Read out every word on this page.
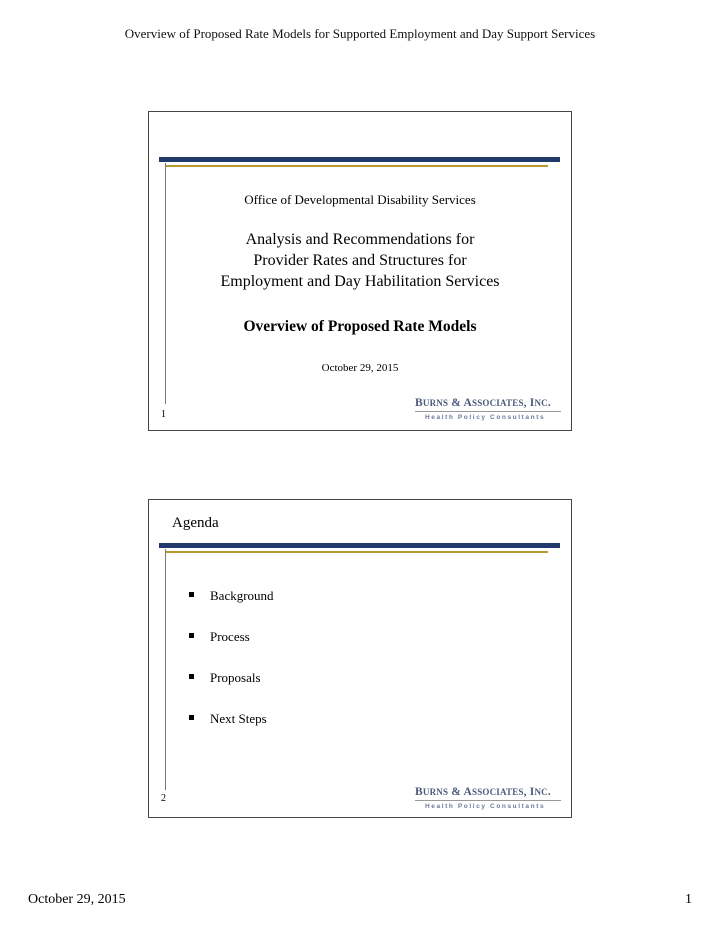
Overview of Proposed Rate Models for Supported Employment and Day Support Services
Office of Developmental Disability Services
Analysis and Recommendations for
Provider Rates and Structures for
Employment and Day Habilitation Services
Overview of Proposed Rate Models
October 29, 2015
1
BURNS & ASSOCIATES, INC.
Health Policy Consultants
Agenda
Background
Process
Proposals
Next Steps
2
BURNS & ASSOCIATES, INC.
Health Policy Consultants
October 29, 2015	1
